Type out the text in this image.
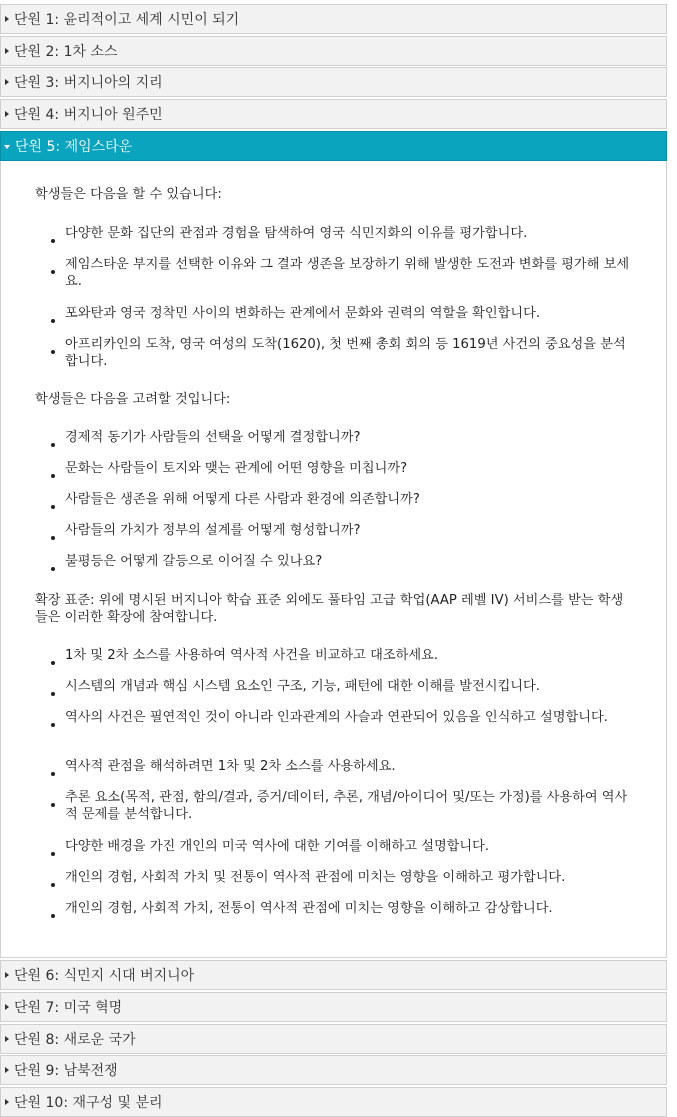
단원 1: 윤리적이고 세계 시민이 되기
단원 2: 1차 소스
단원 3: 버지니아의 지리
단원 4: 버지니아 원주민
단원 5: 제임스타운

학생들은 다음을 할 수 있습니다:

다양한 문화 집단의 관점과 경험을 탐색하여 영국 식민지화의 이유를 평가합니다.

제임스타운 부지를 선택한 이유와 그 결과 생존을 보장하기 위해 발생한 도전과 변화를 평가해 보세요.

포와탄과 영국 정착민 사이의 변화하는 관계에서 문화와 권력의 역할을 확인합니다.

아프리카인의 도착, 영국 여성의 도착(1620), 첫 번째 총회 회의 등 1619년 사건의 중요성을 분석합니다.

학생들은 다음을 고려할 것입니다:

경제적 동기가 사람들의 선택을 어떻게 결정합니까?

문화는 사람들이 토지와 맺는 관계에 어떤 영향을 미칩니까?

사람들은 생존을 위해 어떻게 다른 사람과 환경에 의존합니까?

사람들의 가치가 정부의 설계를 어떻게 형성합니까?

불평등은 어떻게 갈등으로 이어질 수 있나요?

확장 표준: 위에 명시된 버지니아 학습 표준 외에도 풀타임 고급 학업(AAP 레벨 IV) 서비스를 받는 학생들은 이러한 확장에 참여합니다.

1차 및 2차 소스를 사용하여 역사적 사건을 비교하고 대조하세요.

시스템의 개념과 핵심 시스템 요소인 구조, 기능, 패턴에 대한 이해를 발전시킵니다.

역사의 사건은 필연적인 것이 아니라 인과관계의 사슬과 연관되어 있음을 인식하고 설명합니다.

역사적 관점을 해석하려면 1차 및 2차 소스를 사용하세요.

추론 요소(목적, 관점, 함의/결과, 증거/데이터, 추론, 개념/아이디어 및/또는 가정)를 사용하여 역사적 문제를 분석합니다.

다양한 배경을 가진 개인의 미국 역사에 대한 기여를 이해하고 설명합니다.

개인의 경험, 사회적 가치 및 전통이 역사적 관점에 미치는 영향을 이해하고 평가합니다.

개인의 경험, 사회적 가치, 전통이 역사적 관점에 미치는 영향을 이해하고 감상합니다.

단원 6: 식민지 시대 버지니아
단원 7: 미국 혁명
단원 8: 새로운 국가
단원 9: 남북전쟁
단원 10: 재구성 및 분리
